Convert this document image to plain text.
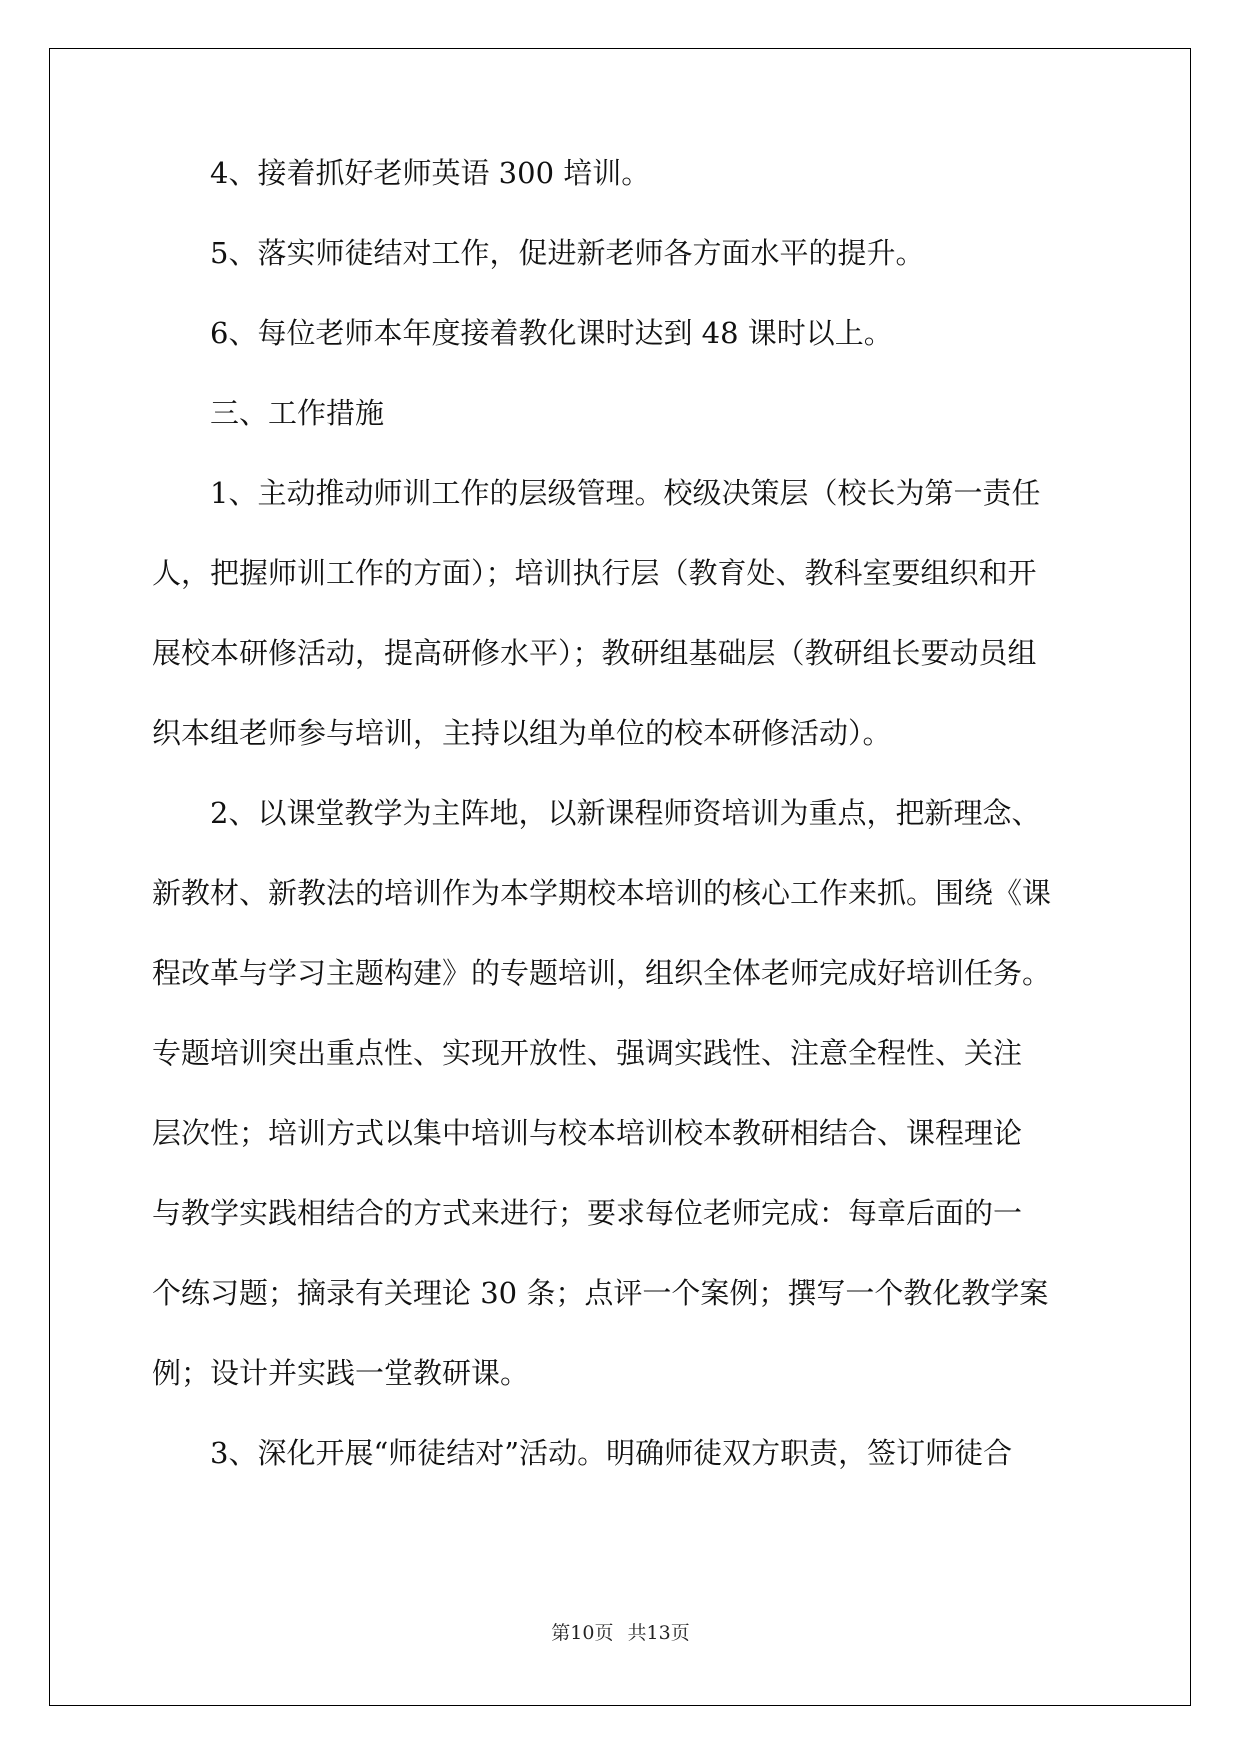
4、接着抓好老师英语 300 培训。
5、落实师徒结对工作，促进新老师各方面水平的提升。
6、每位老师本年度接着教化课时达到 48 课时以上。
三、工作措施
1、主动推动师训工作的层级管理。校级决策层（校长为第一责任
人，把握师训工作的方面）；培训执行层（教育处、教科室要组织和开
展校本研修活动，提高研修水平）；教研组基础层（教研组长要动员组
织本组老师参与培训，主持以组为单位的校本研修活动）。
2、以课堂教学为主阵地，以新课程师资培训为重点，把新理念、
新教材、新教法的培训作为本学期校本培训的核心工作来抓。围绕《课
程改革与学习主题构建》的专题培训，组织全体老师完成好培训任务。
专题培训突出重点性、实现开放性、强调实践性、注意全程性、关注
层次性；培训方式以集中培训与校本培训校本教研相结合、课程理论
与教学实践相结合的方式来进行；要求每位老师完成：每章后面的一
个练习题；摘录有关理论 30 条；点评一个案例；撰写一个教化教学案
例；设计并实践一堂教研课。
3、深化开展“师徒结对”活动。明确师徒双方职责，签订师徒合
第10页 共13页
